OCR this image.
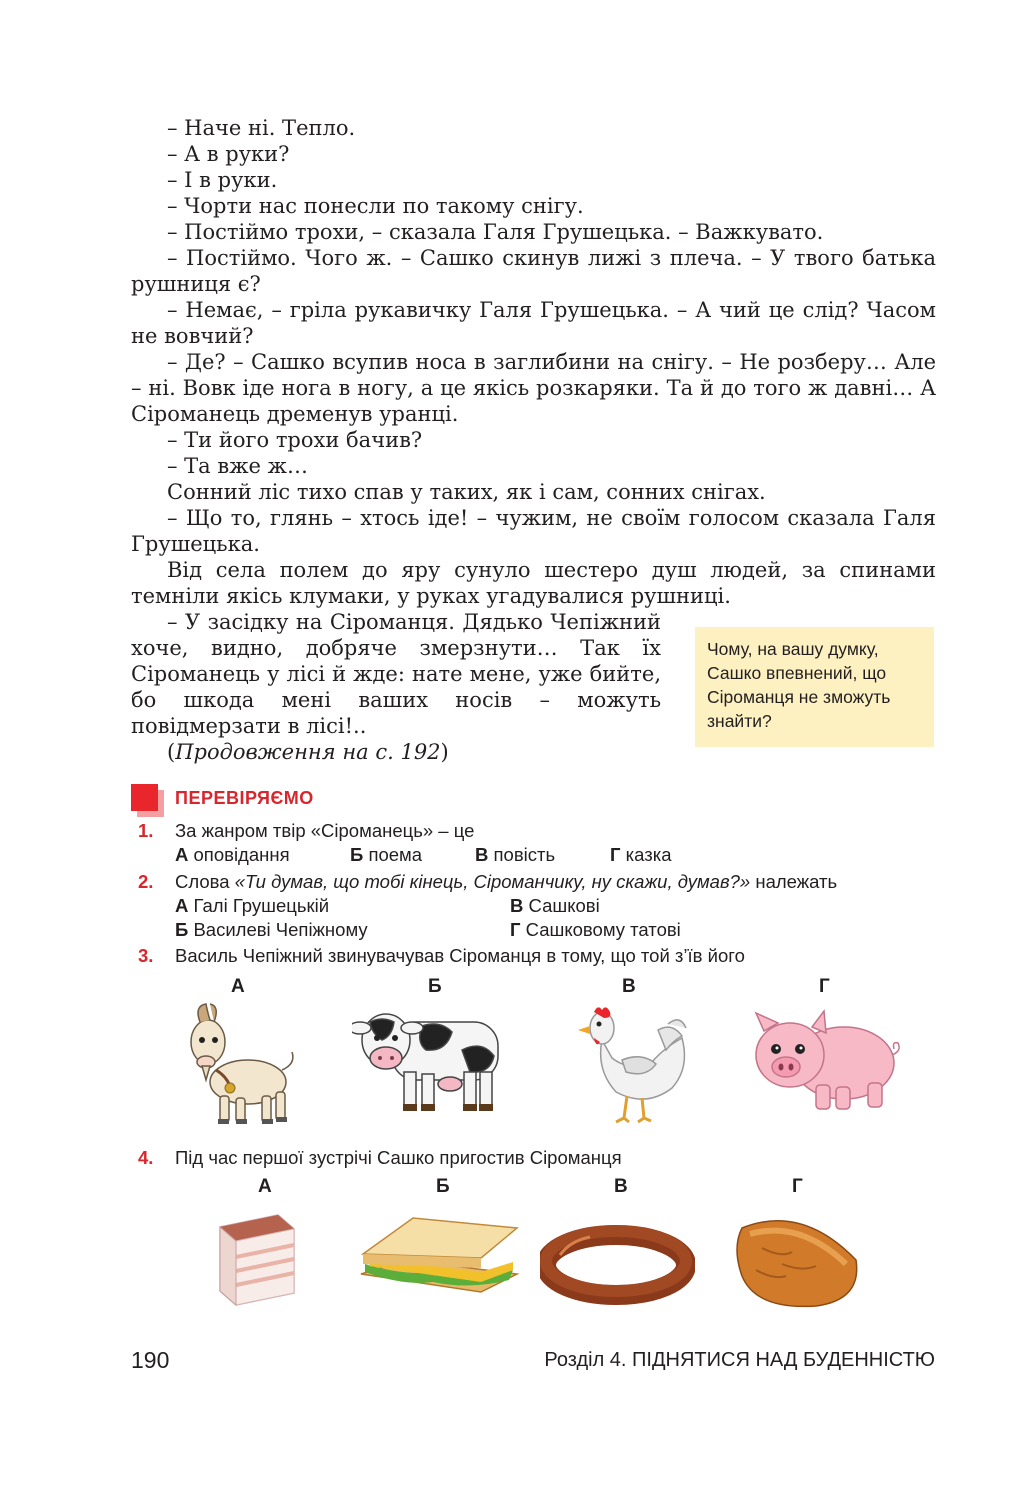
– Наче ні. Тепло.

– А в руки?

– І в руки.

– Чорти нас понесли по такому снігу.

– Постіймо трохи, – сказала Галя Грушецька. – Важкувато.

– Постіймо. Чого ж. – Сашко скинув лижі з плеча. – У твого батька рушниця є?

– Немає, – гріла рукавичку Галя Грушецька. – А чий це слід? Часом не вовчий?

– Де? – Сашко всупив носа в заглибини на снігу. – Не розберу… Але – ні. Вовк іде нога в ногу, а це якісь розкаряки. Та й до того ж давні… А Сіроманець дременув уранці.

– Ти його трохи бачив?

– Та вже ж…

Сонний ліс тихо спав у таких, як і сам, сонних снігах.

– Що то, глянь – хтось іде! – чужим, не своїм голосом сказала Галя Грушецька.

Від села полем до яру сунуло шестеро душ людей, за спинами темніли якісь клумаки, у руках угадувалися рушниці.

– У засідку на Сіроманця. Дядько Чепіжний хоче, видно, добряче змерзнути… Так їх Сіроманець у лісі й жде: нате мене, уже бийте, бо шкода мені ваших носів – можуть повідмерзати в лісі!..

(Продовження на с. 192)

Чому, на вашу думку, Сашко впевнений, що Сіроманця не зможуть знайти?
ПЕРЕВІРЯЄМО
1. За жанром твір «Сіроманець» – це
А оповідання	Б поема	В повість	Г казка
2. Слова «Ти думав, що тобі кінець, Сіроманчику, ну скажи, думав?» належать
А Галі Грушецькій	В Сашкові
Б Василеві Чепіжному	Г Сашковому татові
3. Василь Чепіжний звинувачував Сіроманця в тому, що той з’їв його
А	Б	В	Г
4. Під час першої зустрічі Сашко пригостив Сіроманця
А	Б	В	Г
190	Розділ 4. ПІДНЯТИСЯ НАД БУДЕННІСТЮ
